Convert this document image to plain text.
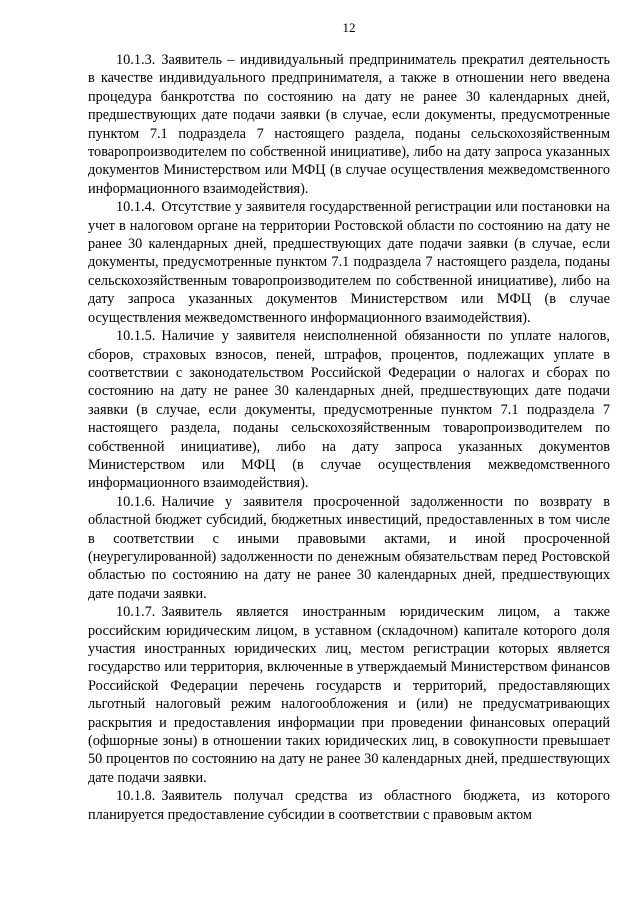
12

10.1.3. Заявитель – индивидуальный предприниматель прекратил деятельность в качестве индивидуального предпринимателя, а также в отношении него введена процедура банкротства по состоянию на дату не ранее 30 календарных дней, предшествующих дате подачи заявки (в случае, если документы, предусмотренные пунктом 7.1 подраздела 7 настоящего раздела, поданы сельскохозяйственным товаропроизводителем по собственной инициативе), либо на дату запроса указанных документов Министерством или МФЦ (в случае осуществления межведомственного информационного взаимодействия).

10.1.4. Отсутствие у заявителя государственной регистрации или постановки на учет в налоговом органе на территории Ростовской области по состоянию на дату не ранее 30 календарных дней, предшествующих дате подачи заявки (в случае, если документы, предусмотренные пунктом 7.1 подраздела 7 настоящего раздела, поданы сельскохозяйственным товаропроизводителем по собственной инициативе), либо на дату запроса указанных документов Министерством или МФЦ (в случае осуществления межведомственного информационного взаимодействия).

10.1.5. Наличие у заявителя неисполненной обязанности по уплате налогов, сборов, страховых взносов, пеней, штрафов, процентов, подлежащих уплате в соответствии с законодательством Российской Федерации о налогах и сборах по состоянию на дату не ранее 30 календарных дней, предшествующих дате подачи заявки (в случае, если документы, предусмотренные пунктом 7.1 подраздела 7 настоящего раздела, поданы сельскохозяйственным товаропроизводителем по собственной инициативе), либо на дату запроса указанных документов Министерством или МФЦ (в случае осуществления межведомственного информационного взаимодействия).

10.1.6. Наличие у заявителя просроченной задолженности по возврату в областной бюджет субсидий, бюджетных инвестиций, предоставленных в том числе в соответствии с иными правовыми актами, и иной просроченной (неурегулированной) задолженности по денежным обязательствам перед Ростовской областью по состоянию на дату не ранее 30 календарных дней, предшествующих дате подачи заявки.

10.1.7. Заявитель является иностранным юридическим лицом, а также российским юридическим лицом, в уставном (складочном) капитале которого доля участия иностранных юридических лиц, местом регистрации которых является государство или территория, включенные в утверждаемый Министерством финансов Российской Федерации перечень государств и территорий, предоставляющих льготный налоговый режим налогообложения и (или) не предусматривающих раскрытия и предоставления информации при проведении финансовых операций (офшорные зоны) в отношении таких юридических лиц, в совокупности превышает 50 процентов по состоянию на дату не ранее 30 календарных дней, предшествующих дате подачи заявки.

10.1.8. Заявитель получал средства из областного бюджета, из которого планируется предоставление субсидии в соответствии с правовым актом
